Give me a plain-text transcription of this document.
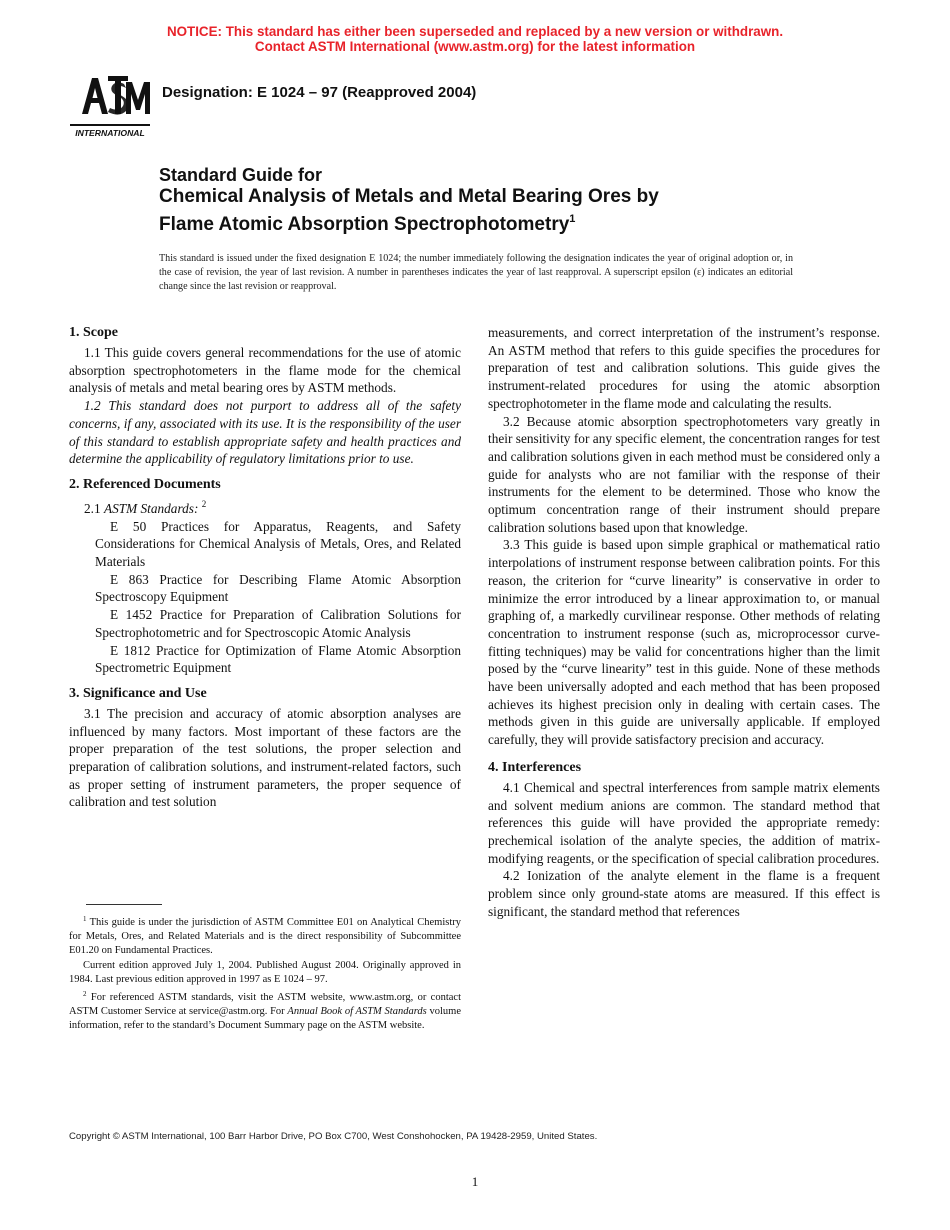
NOTICE: This standard has either been superseded and replaced by a new version or withdrawn.
Contact ASTM International (www.astm.org) for the latest information
INTERNATIONAL
Designation: E 1024 – 97 (Reapproved 2004)
Standard Guide for
Chemical Analysis of Metals and Metal Bearing Ores by
Flame Atomic Absorption Spectrophotometry$^1$
This standard is issued under the fixed designation E 1024; the number immediately following the designation indicates the year of original adoption or, in the case of revision, the year of last revision. A number in parentheses indicates the year of last reapproval. A superscript epsilon (ε) indicates an editorial change since the last revision or reapproval.
1. Scope

1.1 This guide covers general recommendations for the use of atomic absorption spectrophotometers in the flame mode for the chemical analysis of metals and metal bearing ores by ASTM methods.

1.2 This standard does not purport to address all of the safety concerns, if any, associated with its use. It is the responsibility of the user of this standard to establish appropriate safety and health practices and determine the applicability of regulatory limitations prior to use.

2. Referenced Documents

2.1 ASTM Standards: $^2$

E 50 Practices for Apparatus, Reagents, and Safety Considerations for Chemical Analysis of Metals, Ores, and Related Materials

E 863 Practice for Describing Flame Atomic Absorption Spectroscopy Equipment

E 1452 Practice for Preparation of Calibration Solutions for Spectrophotometric and for Spectroscopic Atomic Analysis

E 1812 Practice for Optimization of Flame Atomic Absorption Spectrometric Equipment

3. Significance and Use

3.1 The precision and accuracy of atomic absorption analyses are influenced by many factors. Most important of these factors are the proper preparation of the test solutions, the proper selection and preparation of calibration solutions, and instrument-related factors, such as proper setting of instrument parameters, the proper sequence of calibration and test solution

$^1$ This guide is under the jurisdiction of ASTM Committee E01 on Analytical Chemistry for Metals, Ores, and Related Materials and is the direct responsibility of Subcommittee E01.20 on Fundamental Practices.

Current edition approved July 1, 2004. Published August 2004. Originally approved in 1984. Last previous edition approved in 1997 as E 1024 – 97.

$^2$ For referenced ASTM standards, visit the ASTM website, www.astm.org, or contact ASTM Customer Service at service@astm.org. For Annual Book of ASTM Standards volume information, refer to the standard’s Document Summary page on the ASTM website.

measurements, and correct interpretation of the instrument’s response. An ASTM method that refers to this guide specifies the procedures for preparation of test and calibration solutions. This guide gives the instrument-related procedures for using the atomic absorption spectrophotometer in the flame mode and calculating the results.

3.2 Because atomic absorption spectrophotometers vary greatly in their sensitivity for any specific element, the concentration ranges for test and calibration solutions given in each method must be considered only a guide for analysts who are not familiar with the response of their instruments for the element to be determined. Those who know the optimum concentration range of their instrument should prepare calibration solutions based upon that knowledge.

3.3 This guide is based upon simple graphical or mathematical ratio interpolations of instrument response between calibration points. For this reason, the criterion for “curve linearity” is conservative in order to minimize the error introduced by a linear approximation to, or manual graphing of, a markedly curvilinear response. Other methods of relating concentration to instrument response (such as, microprocessor curve-fitting techniques) may be valid for concentrations higher than the limit posed by the “curve linearity” test in this guide. None of these methods have been universally adopted and each method that has been proposed achieves its highest precision only in dealing with certain cases. The methods given in this guide are universally applicable. If employed carefully, they will provide satisfactory precision and accuracy.

4. Interferences

4.1 Chemical and spectral interferences from sample matrix elements and solvent medium anions are common. The standard method that references this guide will have provided the appropriate remedy: prechemical isolation of the analyte species, the addition of matrix-modifying reagents, or the specification of special calibration procedures.

4.2 Ionization of the analyte element in the flame is a frequent problem since only ground-state atoms are measured. If this effect is significant, the standard method that references

Copyright © ASTM International, 100 Barr Harbor Drive, PO Box C700, West Conshohocken, PA 19428-2959, United States.
1
